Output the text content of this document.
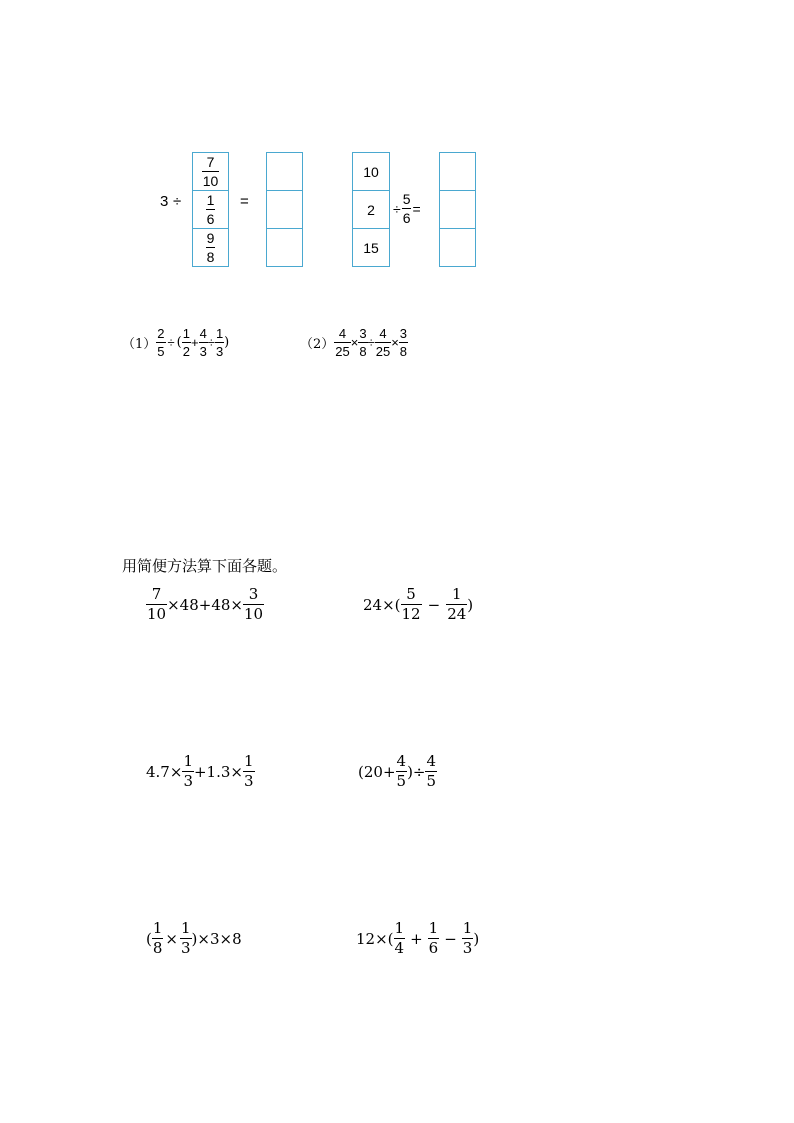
3 ÷
$\frac{7}{10}$
$\frac{1}{6}$
$\frac{9}{8}$
=
10
2
15
÷ $\frac{5}{6}$ =
$(1) \frac{2}{5}$ ÷ ( $\frac{1}{2} + \frac{4}{3} \div \frac{1}{3}$ )	$(2) \frac{4}{25} \times \frac{3}{8} \div \frac{4}{25} \times \frac{3}{8}$
用简便方法算下面各题。
$\frac{7}{10} \times 48+48\times \frac{3}{10}$	$24\times( \frac{5}{12} - \frac{1}{24}$ )
$4.7\times \frac{1}{3} +1.3\times \frac{1}{3}$	($20+ \frac{4}{5}$ )÷ $\frac{4}{5}$
( $\frac{1}{8} \times \frac{1}{3} )\times 3\times 8$	$12\times( \frac{1}{4} + \frac{1}{6} - \frac{1}{3}$ )
